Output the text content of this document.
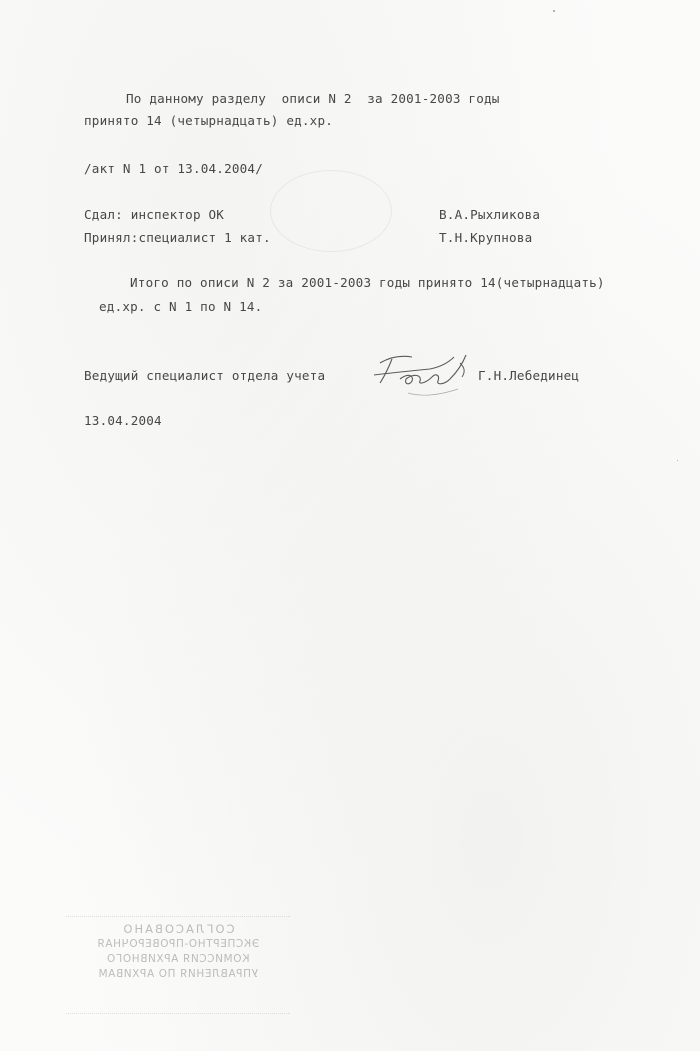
По данному разделу  описи N 2  за 2001-2003 годы
принято 14 (четырнадцать) ед.хр.
/акт N 1 от 13.04.2004/
Сдал: инспектор ОК	В.А.Рыхликова
Принял:специалист 1 кат.	Т.Н.Крупнова
Итого по описи N 2 за 2001-2003 годы принято 14(четырнадцать)
ед.хр. с N 1 по N 14.
Ведущий специалист отдела учета	Г.Н.Лебединец
13.04.2004
СОГЛАСОВАНО
ЭКСПЕРТНО-ПРОВЕРОЧНАЯ
КОМИССИЯ АРХИВНОГО
УПРАВЛЕНИЯ ПО АРХИВАМ
